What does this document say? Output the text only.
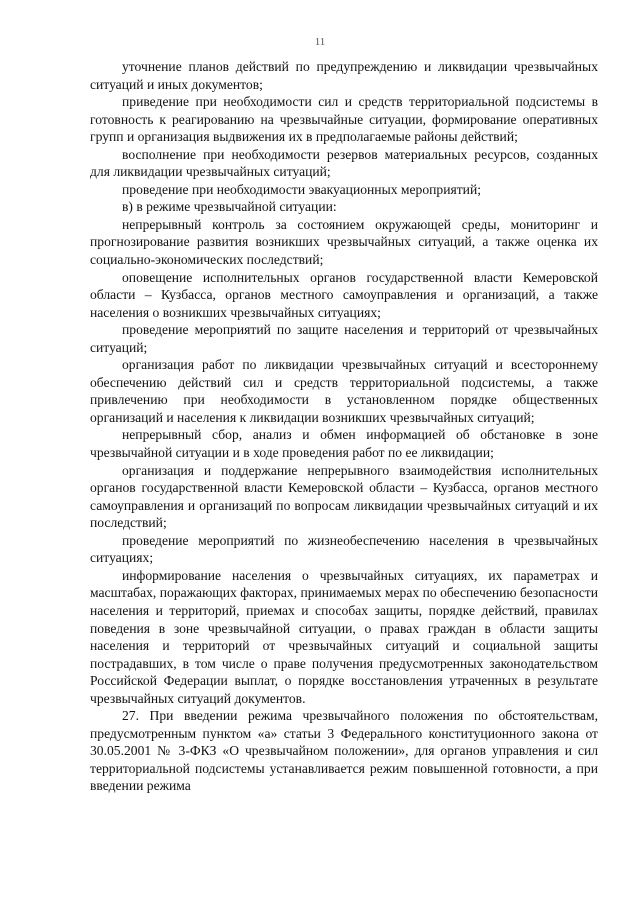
11

уточнение планов действий по предупреждению и ликвидации чрезвычайных ситуаций и иных документов;

приведение при необходимости сил и средств территориальной подсистемы в готовность к реагированию на чрезвычайные ситуации, формирование оперативных групп и организация выдвижения их в предполагаемые районы действий;

восполнение при необходимости резервов материальных ресурсов, созданных для ликвидации чрезвычайных ситуаций;

проведение при необходимости эвакуационных мероприятий;

в) в режиме чрезвычайной ситуации:

непрерывный контроль за состоянием окружающей среды, мониторинг и прогнозирование развития возникших чрезвычайных ситуаций, а также оценка их социально-экономических последствий;

оповещение исполнительных органов государственной власти Кемеровской области – Кузбасса, органов местного самоуправления и организаций, а также населения о возникших чрезвычайных ситуациях;

проведение мероприятий по защите населения и территорий от чрезвычайных ситуаций;

организация работ по ликвидации чрезвычайных ситуаций и всестороннему обеспечению действий сил и средств территориальной подсистемы, а также привлечению при необходимости в установленном порядке общественных организаций и населения к ликвидации возникших чрезвычайных ситуаций;

непрерывный сбор, анализ и обмен информацией об обстановке в зоне чрезвычайной ситуации и в ходе проведения работ по ее ликвидации;

организация и поддержание непрерывного взаимодействия исполнительных органов государственной власти Кемеровской области – Кузбасса, органов местного самоуправления и организаций по вопросам ликвидации чрезвычайных ситуаций и их последствий;

проведение мероприятий по жизнеобеспечению населения в чрезвычайных ситуациях;

информирование населения о чрезвычайных ситуациях, их параметрах и масштабах, поражающих факторах, принимаемых мерах по обеспечению безопасности населения и территорий, приемах и способах защиты, порядке действий, правилах поведения в зоне чрезвычайной ситуации, о правах граждан в области защиты населения и территорий от чрезвычайных ситуаций и социальной защиты пострадавших, в том числе о праве получения предусмотренных законодательством Российской Федерации выплат, о порядке восстановления утраченных в результате чрезвычайных ситуаций документов.

27. При введении режима чрезвычайного положения по обстоятельствам, предусмотренным пунктом «а» статьи 3 Федерального конституционного закона от 30.05.2001 № 3-ФКЗ «О чрезвычайном положении», для органов управления и сил территориальной подсистемы устанавливается режим повышенной готовности, а при введении режима
